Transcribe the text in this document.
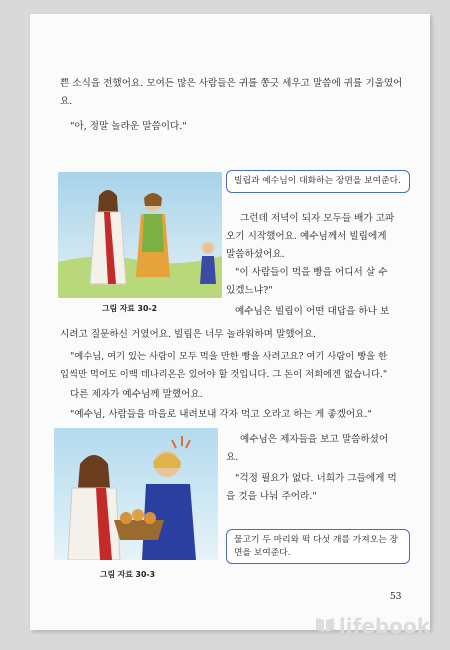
쁜 소식을 전했어요. 모여든 많은 사람들은 귀를 쫑긋 세우고 말씀에 귀를 기울였어
요.
"아, 정말 놀라운 말씀이다."
그림 자료 30-2
빌립과 예수님이 대화하는 장면을 보여준다.
그런데 저녁이 되자 모두들 배가 고파
오기 시작했어요. 예수님께서 빌립에게
말씀하셨어요.
"이 사람들이 먹을 빵을 어디서 살 수
있겠느냐?"
예수님은 빌립이 어떤 대답을 하나 보
시려고 질문하신 거였어요. 빌립은 너무 놀라워하며 말했어요.
"예수님, 여기 있는 사람이 모두 먹을 만한 빵을 사려고요? 여기 사람이 빵을 한
입씩만 먹어도 이백 데나리온은 있어야 할 것입니다. 그 돈이 저희에겐 없습니다."
다른 제자가 예수님께 말했어요.
"예수님, 사람들을 마을로 내려보내 각자 먹고 오라고 하는 게 좋겠어요."
그림 자료 30-3
예수님은 제자들을 보고 말씀하셨어
요.
"걱정 필요가 없다. 너희가 그들에게 먹
을 것을 나눠 주어라."
물고기 두 마리와 떡 다섯 개를 가져오는 장면을 보여준다.
53
lifebook
